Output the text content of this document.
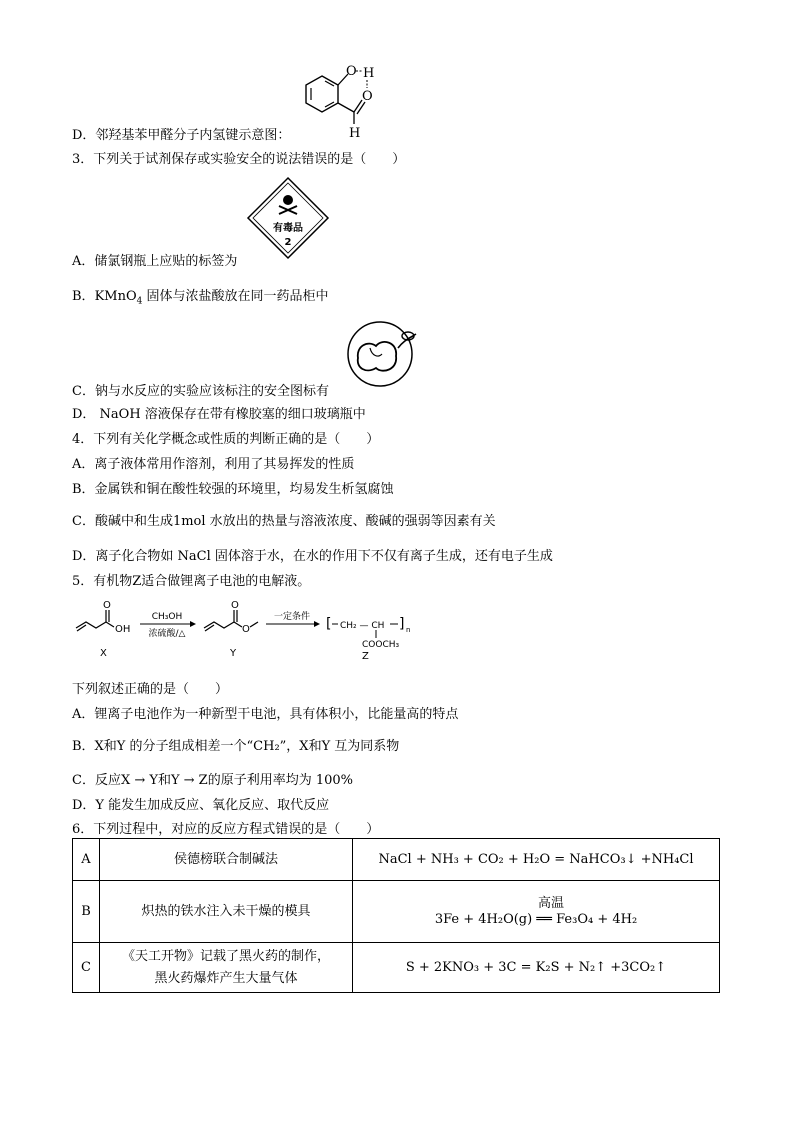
O H
O
H
D．邻羟基苯甲醛分子内氢键示意图：
3．下列关于试剂保存或实验安全的说法错误的是（　　）
有毒品
2
A．储氯钢瓶上应贴的标签为
B．KMnO$_4$ 固体与浓盐酸放在同一药品柜中
C．钠与水反应的实验应该标注的安全图标有
D． NaOH 溶液保存在带有橡胶塞的细口玻璃瓶中
4．下列有关化学概念或性质的判断正确的是（　　）
A．离子液体常用作溶剂，利用了其易挥发的性质
B．金属铁和铜在酸性较强的环境里，均易发生析氢腐蚀
C．酸碱中和生成1mol 水放出的热量与溶液浓度、酸碱的强弱等因素有关
D．离子化合物如 NaCl 固体溶于水，在水的作用下不仅有离子生成，还有电子生成
5．有机物Z适合做锂离子电池的电解液。
O
OH
X
CH₃OH
浓硫酸/△
O
O
Y
一定条件 [ CH₂ — CH ] n
COOCH₃
Z
下列叙述正确的是（　　）
A．锂离子电池作为一种新型干电池，具有体积小，比能量高的特点
B．X和Y 的分子组成相差一个“CH₂”，X和Y 互为同系物
C．反应X → Y和Y → Z的原子利用率均为 100%
D．Y 能发生加成反应、氧化反应、取代反应
6．下列过程中，对应的反应方程式错误的是（　　）
A	侯德榜联合制碱法	NaCl + NH₃ + CO₂ + H₂O = NaHCO₃↓ +NH₄Cl
B	炽热的铁水注入未干燥的模具	高温
3Fe + 4H₂O(g) ══ Fe₃O₄ + 4H₂

C	《天工开物》记载了黑火药的制作，
黑火药爆炸产生大量气体	S + 2KNO₃ + 3C = K₂S + N₂↑ +3CO₂↑
